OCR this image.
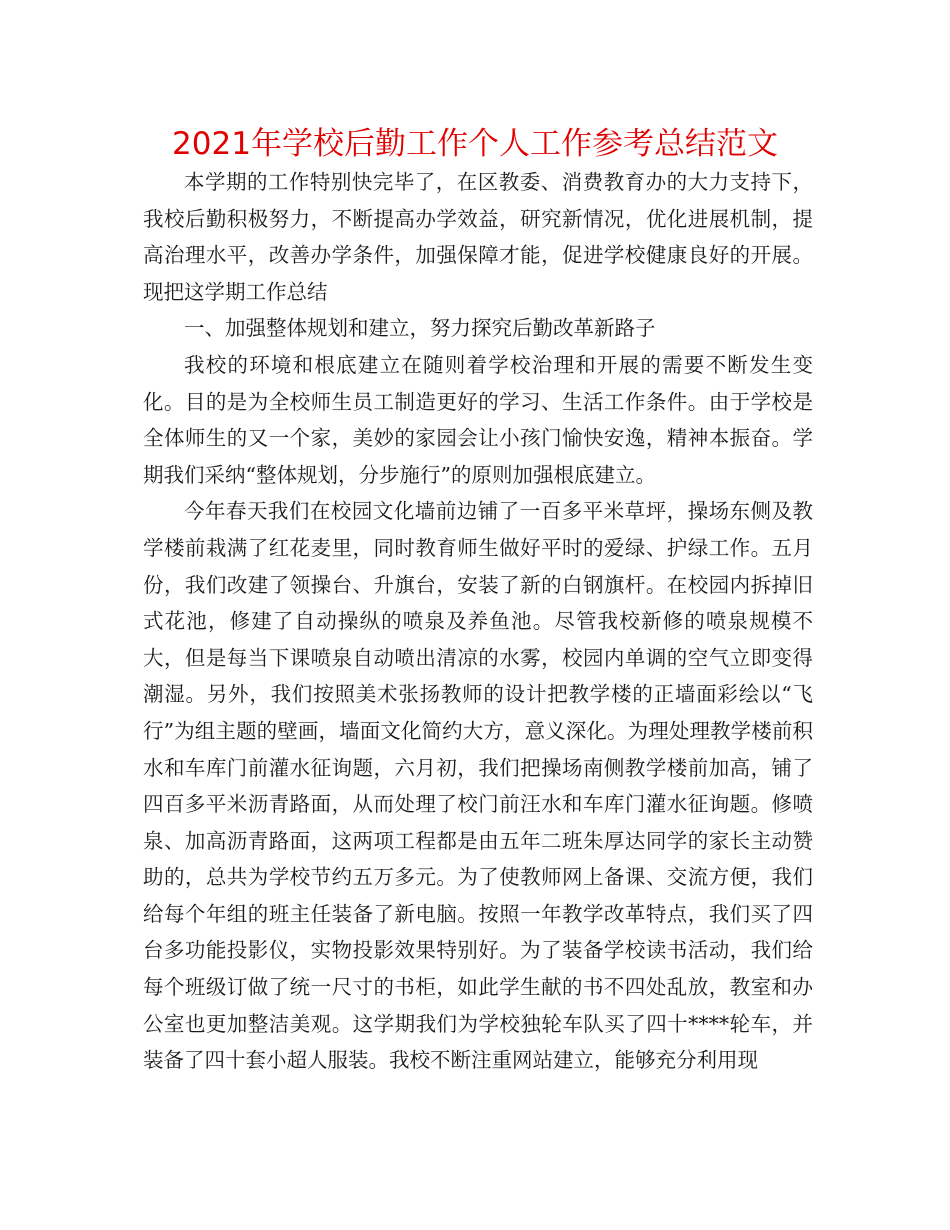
2021年学校后勤工作个人工作参考总结范文

本学期的工作特别快完毕了，在区教委、消费教育办的大力支持下，我校后勤积极努力，不断提高办学效益，研究新情况，优化进展机制，提高治理水平，改善办学条件，加强保障才能，促进学校健康良好的开展。现把这学期工作总结

一、加强整体规划和建立，努力探究后勤改革新路子

我校的环境和根底建立在随则着学校治理和开展的需要不断发生变化。目的是为全校师生员工制造更好的学习、生活工作条件。由于学校是全体师生的又一个家，美妙的家园会让小孩门愉快安逸，精神本振奋。学期我们采纳“整体规划，分步施行”的原则加强根底建立。

今年春天我们在校园文化墙前边铺了一百多平米草坪，操场东侧及教学楼前栽满了红花麦里，同时教育师生做好平时的爱绿、护绿工作。五月份，我们改建了领操台、升旗台，安装了新的白钢旗杆。在校园内拆掉旧式花池，修建了自动操纵的喷泉及养鱼池。尽管我校新修的喷泉规模不大，但是每当下课喷泉自动喷出清凉的水雾，校园内单调的空气立即变得潮湿。另外，我们按照美术张扬教师的设计把教学楼的正墙面彩绘以“飞行”为组主题的壁画，墙面文化简约大方，意义深化。为理处理教学楼前积水和车库门前灌水征询题，六月初，我们把操场南侧教学楼前加高，铺了四百多平米沥青路面，从而处理了校门前汪水和车库门灌水征询题。修喷泉、加高沥青路面，这两项工程都是由五年二班朱厚达同学的家长主动赞助的，总共为学校节约五万多元。为了使教师网上备课、交流方便，我们给每个年组的班主任装备了新电脑。按照一年教学改革特点，我们买了四台多功能投影仪，实物投影效果特别好。为了装备学校读书活动，我们给每个班级订做了统一尺寸的书柜，如此学生献的书不四处乱放，教室和办公室也更加整洁美观。这学期我们为学校独轮车队买了四十****轮车，并装备了四十套小超人服装。我校不断注重网站建立，能够充分利用现
